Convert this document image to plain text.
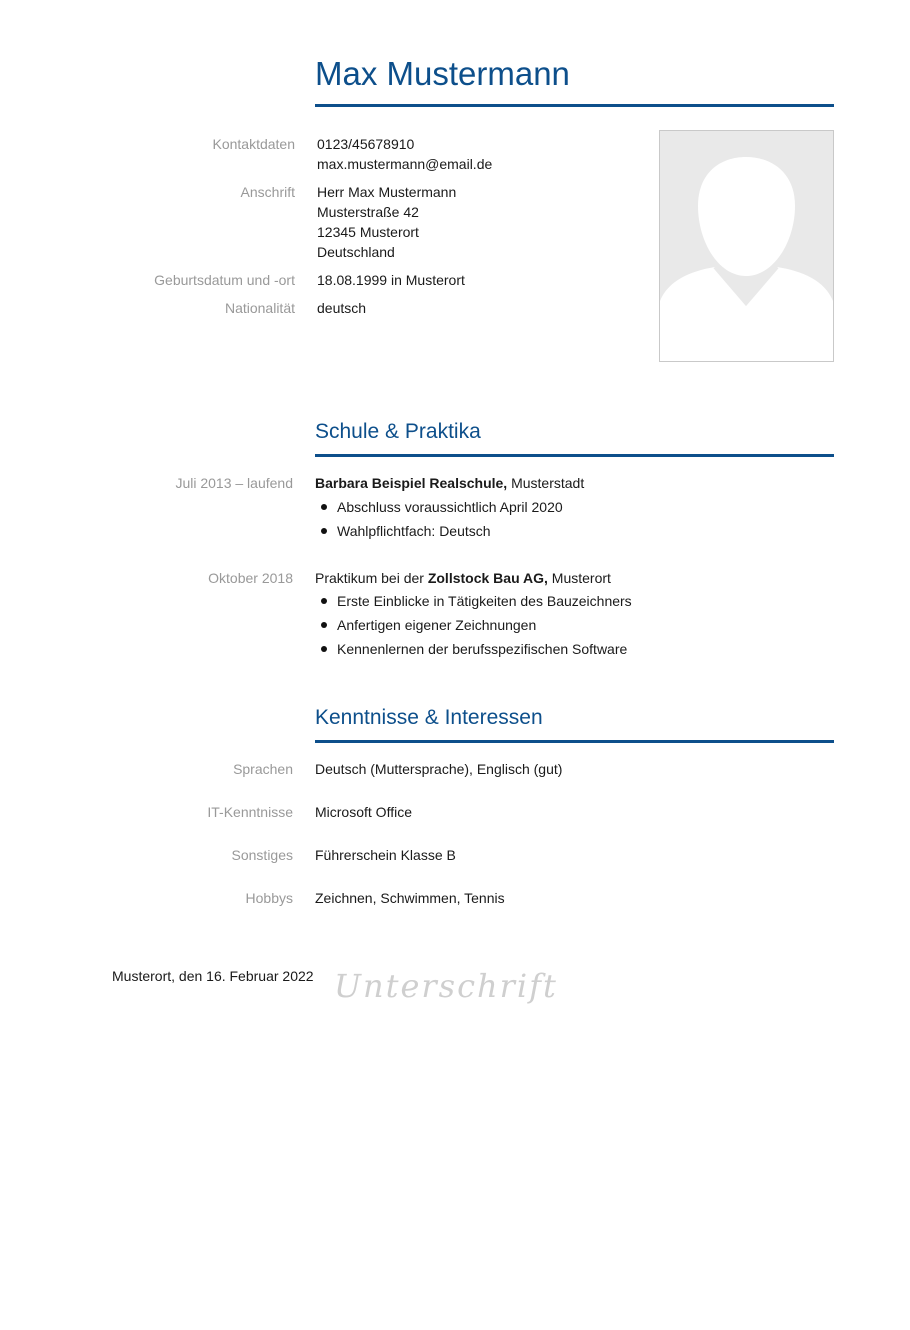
Max Mustermann
Kontaktdaten 0123/45678910
max.mustermann@email.de
Anschrift Herr Max Mustermann
Musterstraße 42
12345 Musterort
Deutschland
Geburtsdatum und -ort 18.08.1999 in Musterort
Nationalität deutsch
Schule & Praktika
Juli 2013 – laufend Barbara Beispiel Realschule, Musterstadt
Abschluss voraussichtlich April 2020
Wahlpflichtfach: Deutsch
Oktober 2018 Praktikum bei der Zollstock Bau AG, Musterort
Erste Einblicke in Tätigkeiten des Bauzeichners
Anfertigen eigener Zeichnungen
Kennenlernen der berufsspezifischen Software
Kenntnisse & Interessen
Sprachen Deutsch (Muttersprache), Englisch (gut)
IT-Kenntnisse Microsoft Office
Sonstiges Führerschein Klasse B
Hobbys Zeichnen, Schwimmen, Tennis
Musterort, den 16. Februar 2022 Unterschrift
